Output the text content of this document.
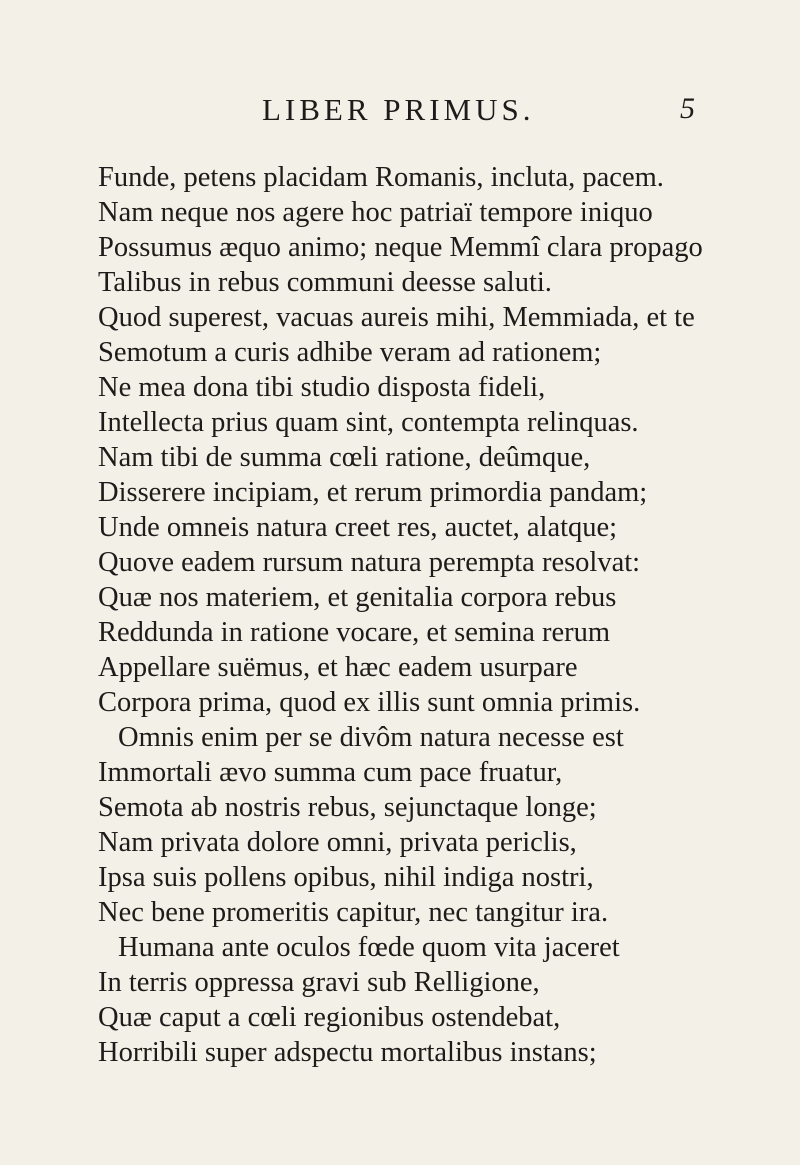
LIBER PRIMUS.	5
Funde, petens placidam Romanis, incluta, pacem.
Nam neque nos agere hoc patriaï tempore iniquo
Possumus æquo animo; neque Memmî clara propago
Talibus in rebus communi deesse saluti.
Quod superest, vacuas aureis mihi, Memmiada, et te
Semotum a curis adhibe veram ad rationem;
Ne mea dona tibi studio disposta fideli,
Intellecta prius quam sint, contempta relinquas.
Nam tibi de summa cœli ratione, deûmque,
Disserere incipiam, et rerum primordia pandam;
Unde omneis natura creet res, auctet, alatque;
Quove eadem rursum natura perempta resolvat:
Quæ nos materiem, et genitalia corpora rebus
Reddunda in ratione vocare, et semina rerum
Appellare suëmus, et hæc eadem usurpare
Corpora prima, quod ex illis sunt omnia primis.
Omnis enim per se divôm natura necesse est
Immortali ævo summa cum pace fruatur,
Semota ab nostris rebus, sejunctaque longe;
Nam privata dolore omni, privata periclis,
Ipsa suis pollens opibus, nihil indiga nostri,
Nec bene promeritis capitur, nec tangitur ira.
Humana ante oculos fœde quom vita jaceret
In terris oppressa gravi sub Relligione,
Quæ caput a cœli regionibus ostendebat,
Horribili super adspectu mortalibus instans;
